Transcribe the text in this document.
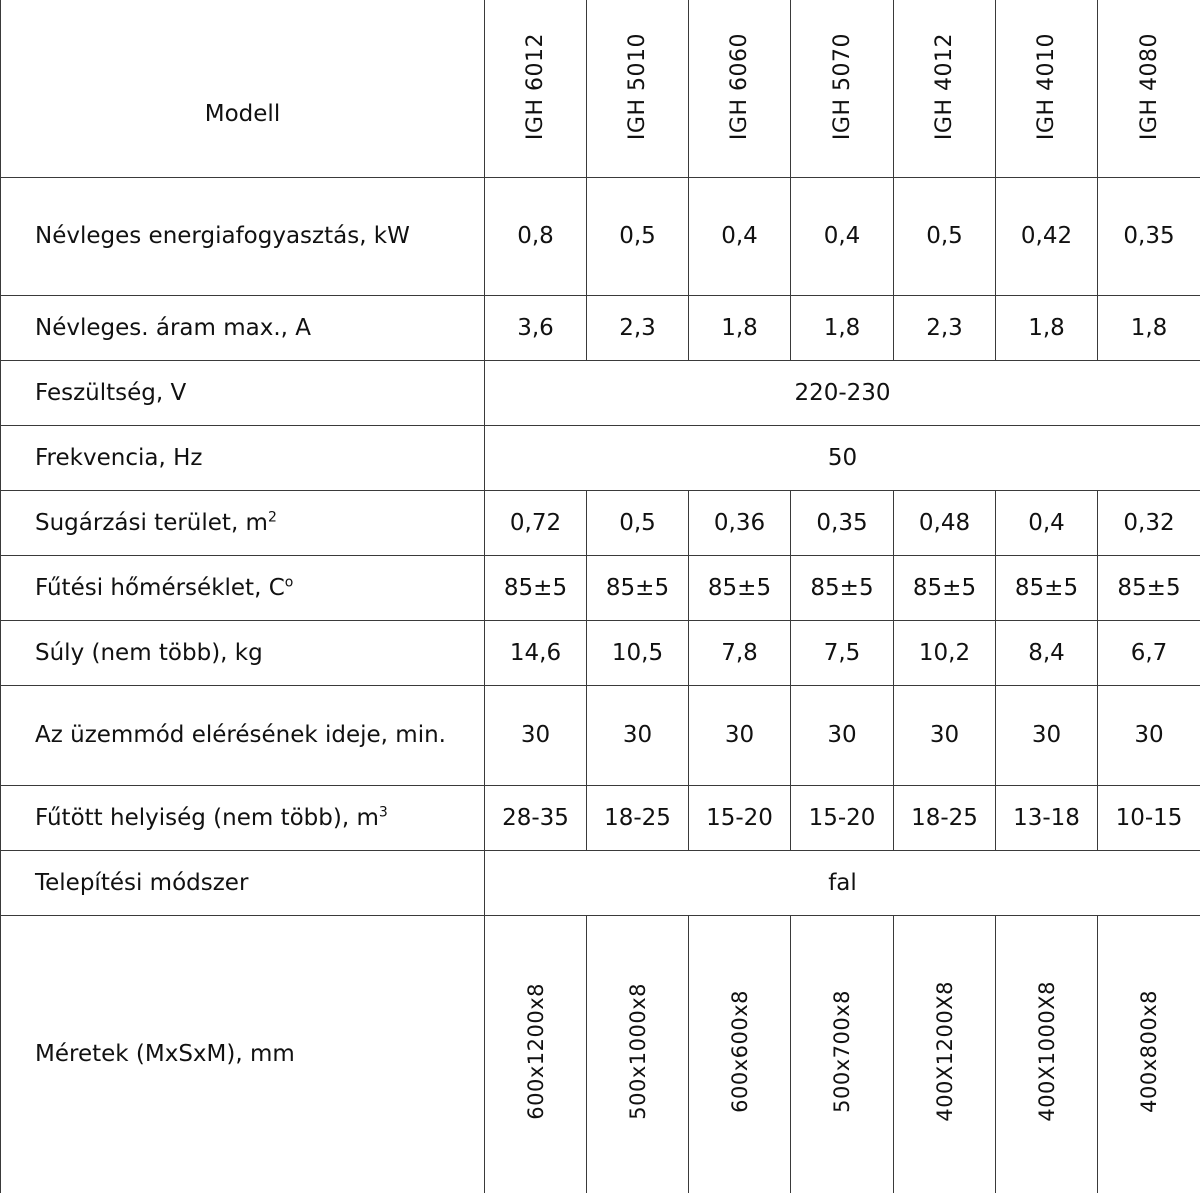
Modell	IGH 6012	IGH 5010	IGH 6060	IGH 5070	IGH 4012	IGH 4010	IGH 4080
Névleges energiafogyasztás, kW	0,8	0,5	0,4	0,4	0,5	0,42	0,35
Névleges. áram max., A	3,6	2,3	1,8	1,8	2,3	1,8	1,8
Feszültség, V	220-230						
Frekvencia, Hz	50						
Sugárzási terület, $m^2$	0,72	0,5	0,36	0,35	0,48	0,4	0,32
Fűtési hőmérséklet, $C^o$	85±5	85±5	85±5	85±5	85±5	85±5	85±5
Súly (nem több), kg	14,6	10,5	7,8	7,5	10,2	8,4	6,7
Az üzemmód elérésének ideje, min.	30	30	30	30	30	30	30
Fűtött helyiség (nem több), $m^3$	28-35	18-25	15-20	15-20	18-25	13-18	10-15
Telepítési módszer	fal						
Méretek (MxSxM), mm	600x1200x8	500x1000x8	600x600x8	500x700x8	400X1200X8	400X1000X8	400x800x8
